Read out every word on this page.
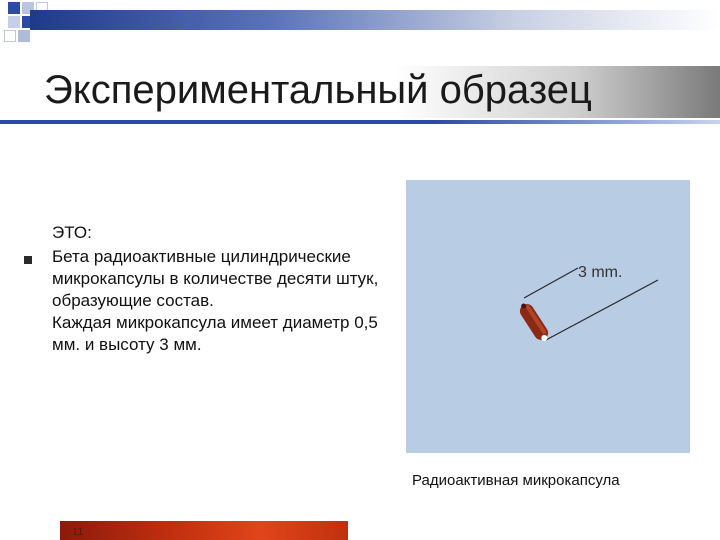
Экспериментальный образец

ЭТО:

Бета радиоактивные цилиндрические микрокапсулы в количестве десяти штук, образующие состав.

Каждая микрокапсула имеет диаметр 0,5 мм. и высоту 3 мм.

3 mm.
Радиоактивная микрокапсула
11
